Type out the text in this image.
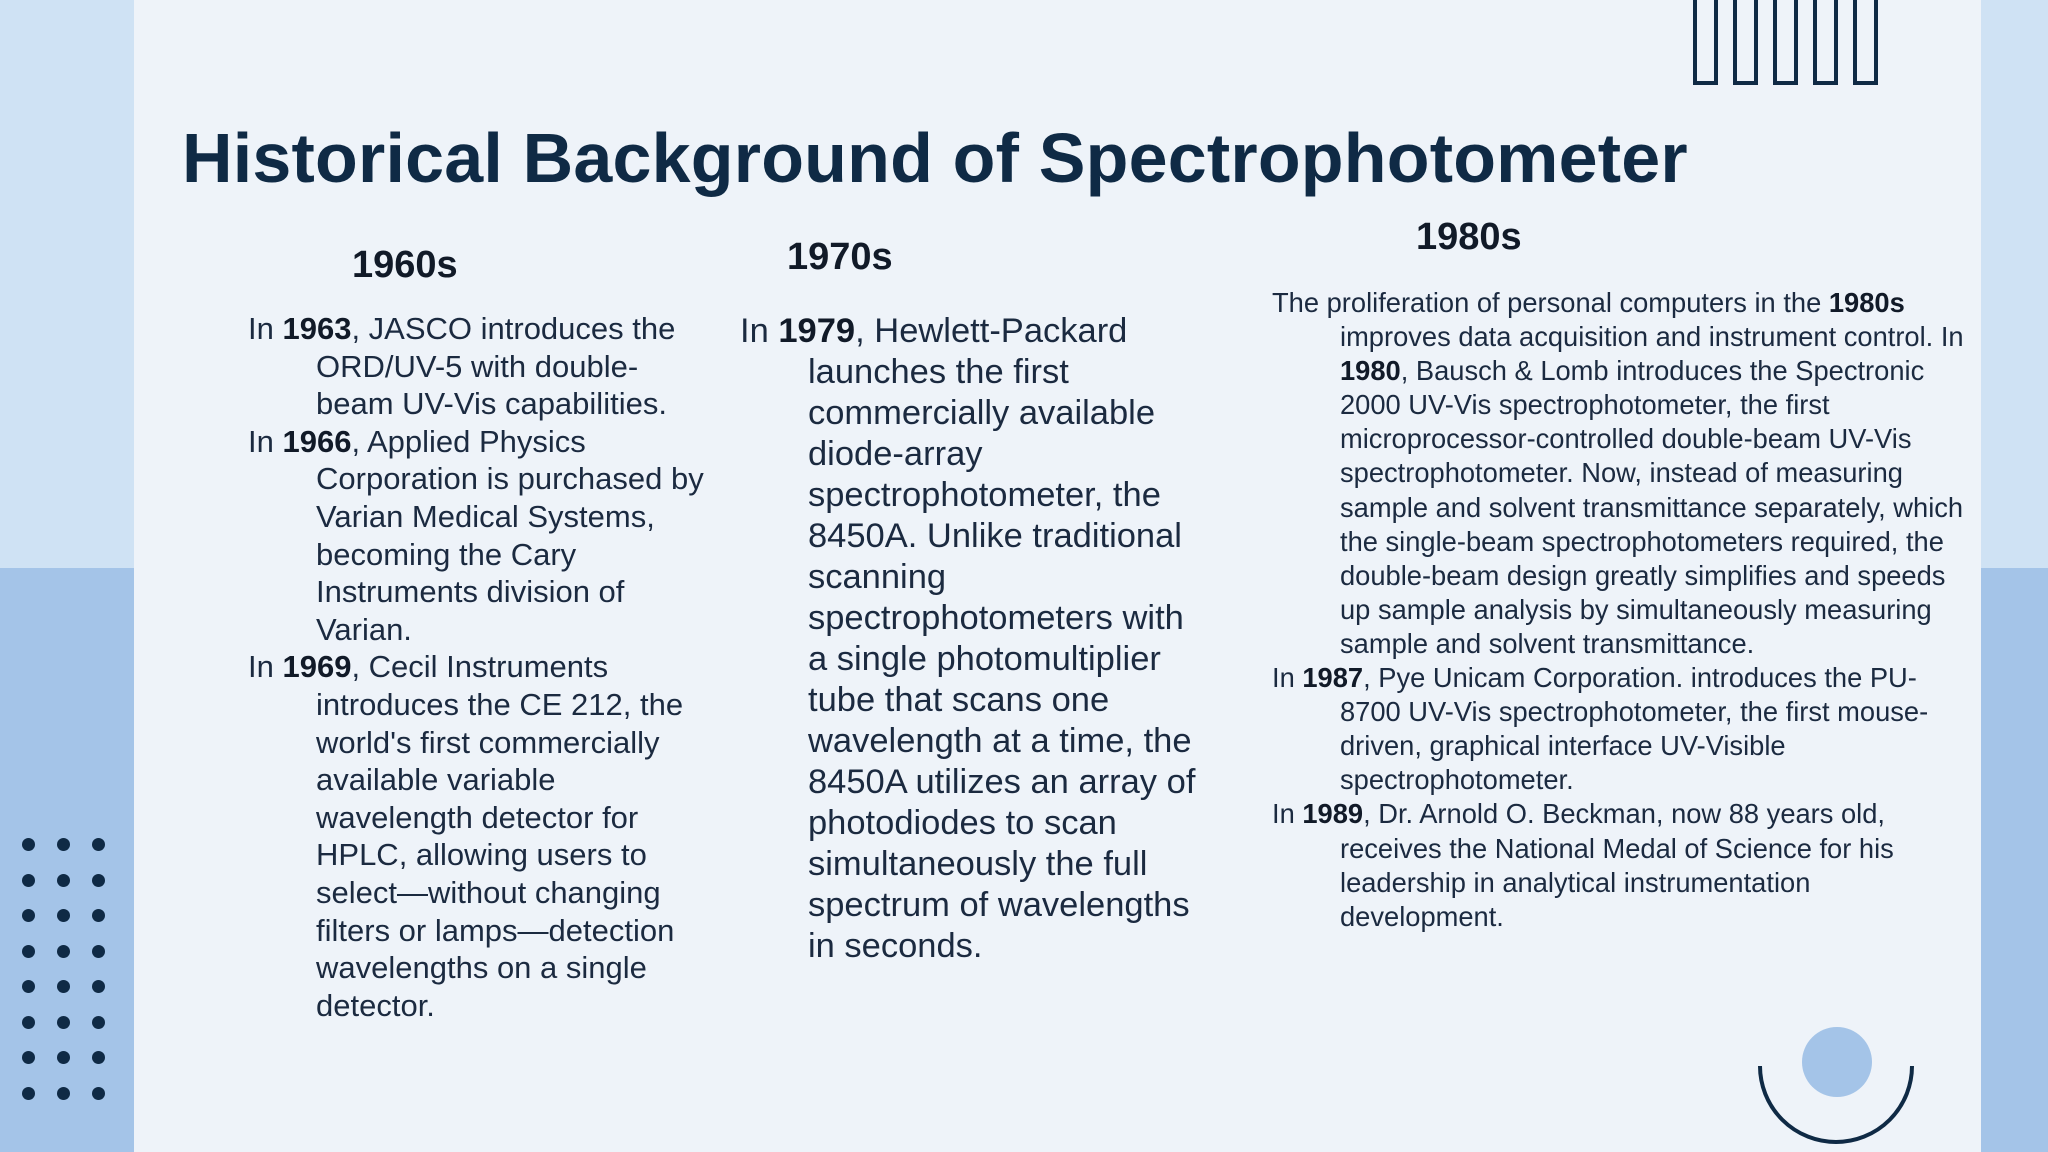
Historical Background of Spectrophotometer
1960s	1970s	1980s

In 1963, JASCO introduces the ORD/UV-5 with double-beam UV-Vis capabilities.

In 1966, Applied Physics Corporation is purchased by Varian Medical Systems, becoming the Cary Instruments division of Varian.

In 1969, Cecil Instruments introduces the CE 212, the world's first commercially available variable wavelength detector for HPLC, allowing users to select—without changing filters or lamps—detection wavelengths on a single detector.

In 1979, Hewlett-Packard launches the first commercially available diode-array spectrophotometer, the 8450A. Unlike traditional scanning spectrophotometers with a single photomultiplier tube that scans one wavelength at a time, the 8450A utilizes an array of photodiodes to scan simultaneously the full spectrum of wavelengths in seconds.

The proliferation of personal computers in the 1980s improves data acquisition and instrument control. In 1980, Bausch & Lomb introduces the Spectronic 2000 UV-Vis spectrophotometer, the first microprocessor-controlled double-beam UV-Vis spectrophotometer. Now, instead of measuring sample and solvent transmittance separately, which the single-beam spectrophotometers required, the double-beam design greatly simplifies and speeds up sample analysis by simultaneously measuring sample and solvent transmittance.

In 1987, Pye Unicam Corporation. introduces the PU-8700 UV-Vis spectrophotometer, the first mouse-driven, graphical interface UV-Visible spectrophotometer.

In 1989, Dr. Arnold O. Beckman, now 88 years old, receives the National Medal of Science for his leadership in analytical instrumentation development.
